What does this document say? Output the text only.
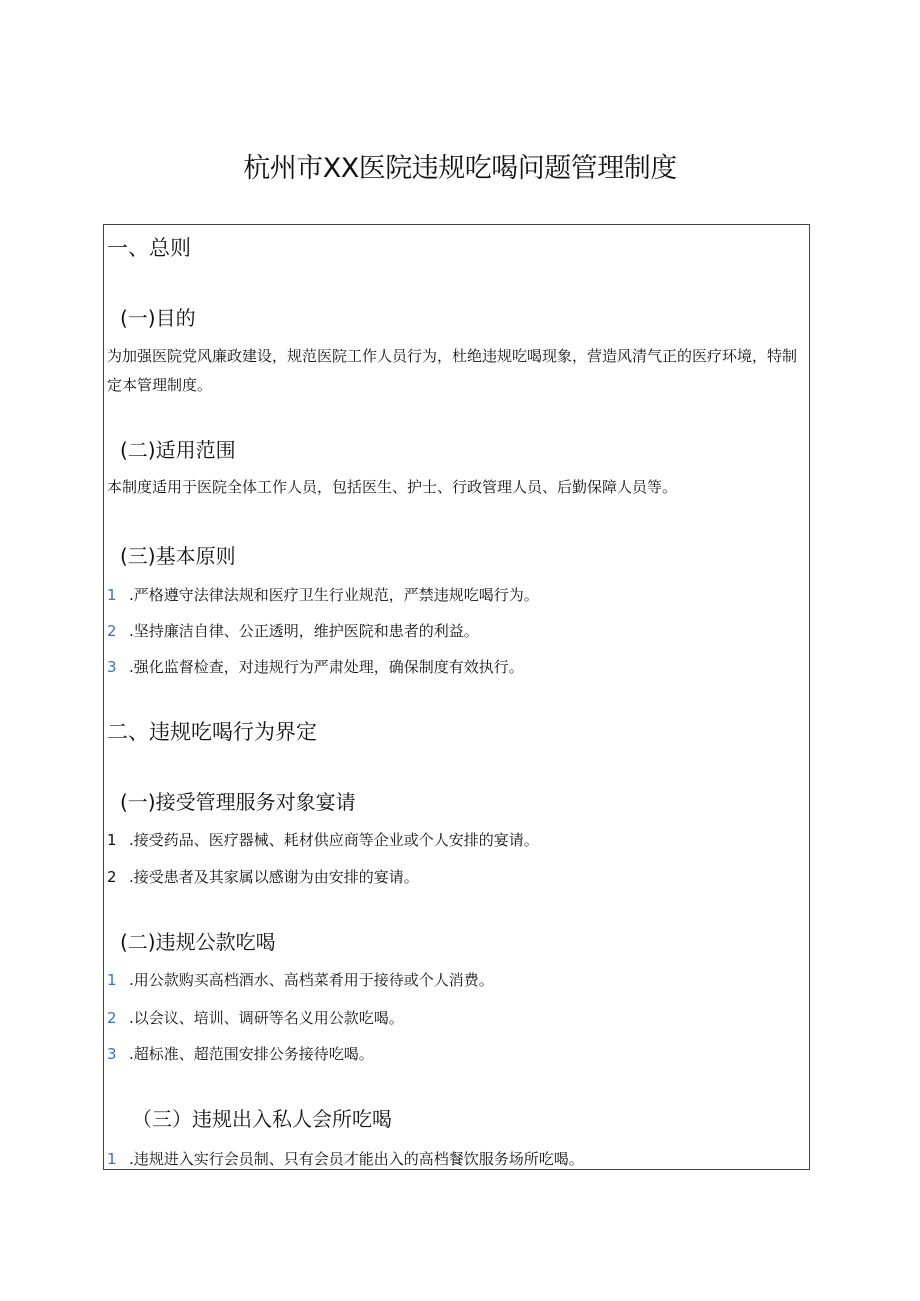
杭州市XX医院违规吃喝问题管理制度
一、总则
(一)目的
为加强医院党风廉政建设，规范医院工作人员行为，杜绝违规吃喝现象，营造风清气正的医疗环境，特制定本管理制度。
(二)适用范围
本制度适用于医院全体工作人员，包括医生、护士、行政管理人员、后勤保障人员等。
(三)基本原则
1 .严格遵守法律法规和医疗卫生行业规范，严禁违规吃喝行为。
2 .坚持廉洁自律、公正透明，维护医院和患者的利益。
3 .强化监督检查，对违规行为严肃处理，确保制度有效执行。
二、违规吃喝行为界定
(一)接受管理服务对象宴请
1 .接受药品、医疗器械、耗材供应商等企业或个人安排的宴请。
2 .接受患者及其家属以感谢为由安排的宴请。
(二)违规公款吃喝
1 .用公款购买高档酒水、高档菜肴用于接待或个人消费。
2 .以会议、培训、调研等名义用公款吃喝。
3 .超标准、超范围安排公务接待吃喝。
（三）违规出入私人会所吃喝
1 .违规进入实行会员制、只有会员才能出入的高档餐饮服务场所吃喝。
